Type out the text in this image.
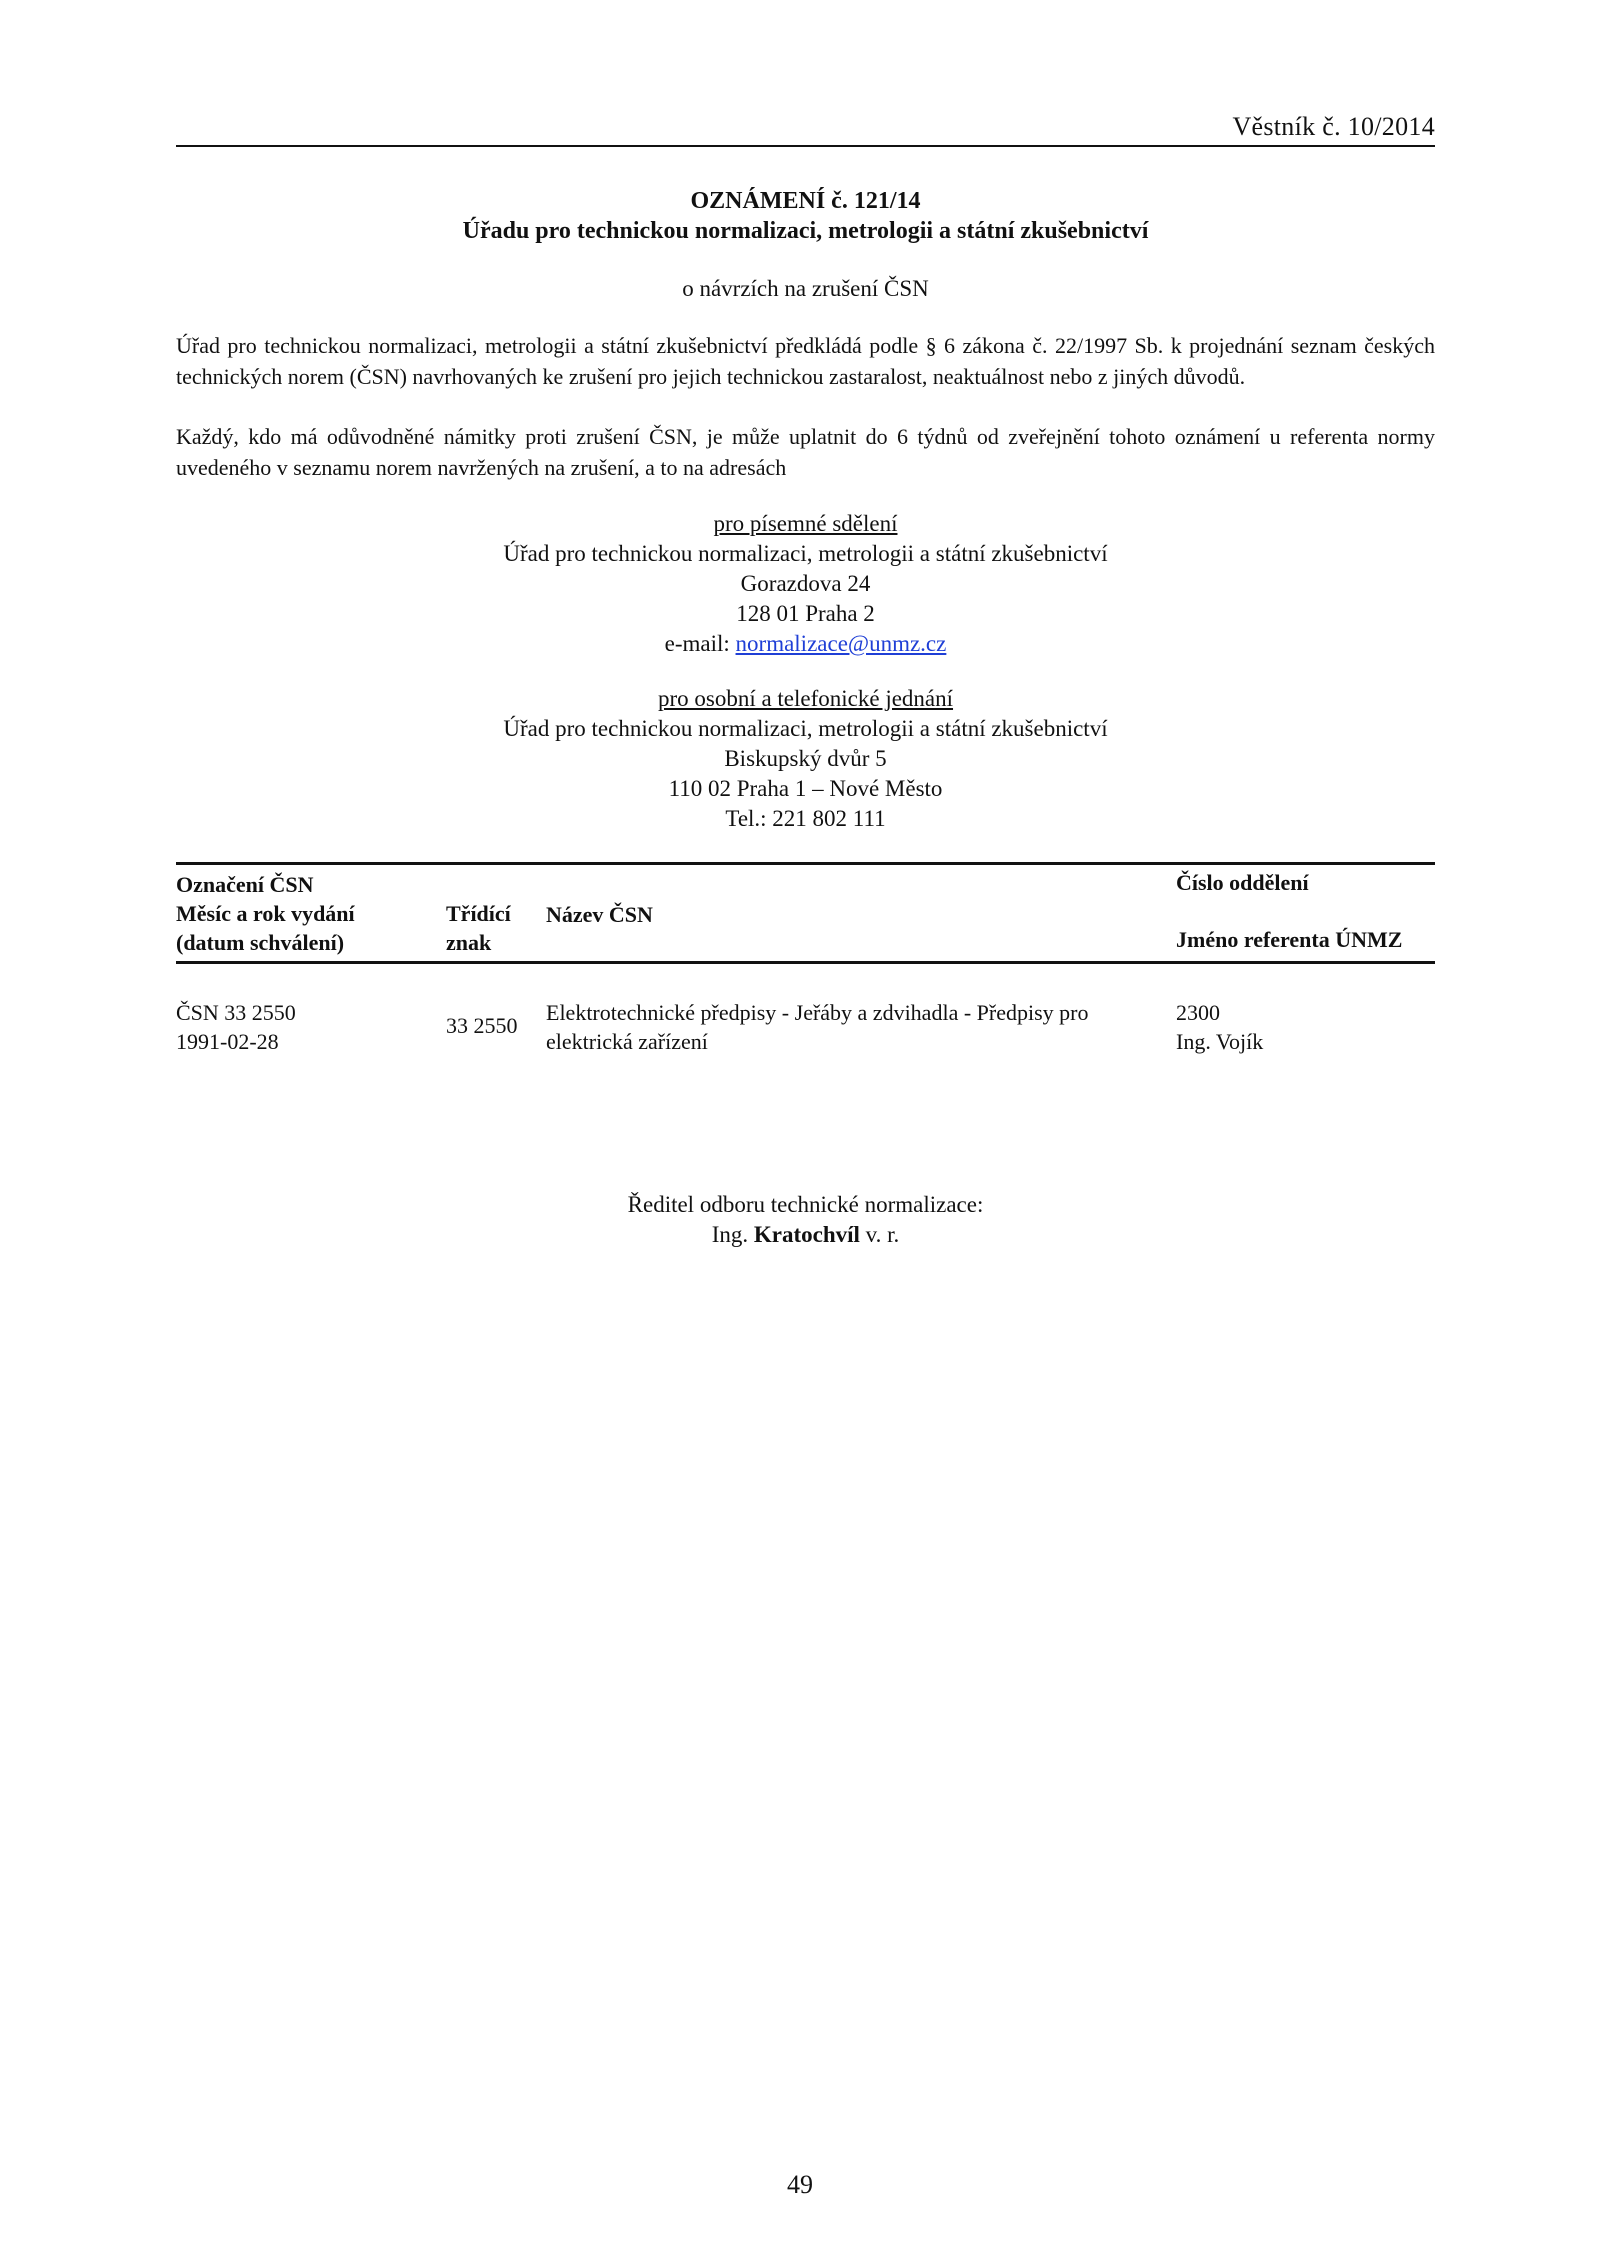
Věstník č. 10/2014
OZNÁMENÍ č. 121/14
Úřadu pro technickou normalizaci, metrologii a státní zkušebnictví
o návrzích na zrušení ČSN
Úřad pro technickou normalizaci, metrologii a státní zkušebnictví předkládá podle § 6 zákona č. 22/1997 Sb. k projednání seznam českých technických norem (ČSN) navrhovaných ke zrušení pro jejich technickou zastaralost, neaktuálnost nebo z jiných důvodů.
Každý, kdo má odůvodněné námitky proti zrušení ČSN, je může uplatnit do 6 týdnů od zveřejnění tohoto oznámení u referenta normy uvedeného v seznamu norem navržených na zrušení, a to na adresách
pro písemné sdělení
Úřad pro technickou normalizaci, metrologii a státní zkušebnictví
Gorazdova 24
128 01 Praha 2
e-mail: normalizace@unmz.cz
pro osobní a telefonické jednání
Úřad pro technickou normalizaci, metrologii a státní zkušebnictví
Biskupský dvůr 5
110 02 Praha 1 – Nové Město
Tel.: 221 802 111
Označení ČSN
Měsíc a rok vydání
(datum schválení)
Třídící
znak
Název ČSN
Číslo oddělení
Jméno referenta ÚNMZ
ČSN 33 2550
1991-02-28
33 2550
Elektrotechnické předpisy - Jeřáby a zdvihadla - Předpisy pro elektrická zařízení
2300
Ing. Vojík
Ředitel odboru technické normalizace:
Ing. Kratochvíl v. r.
49
